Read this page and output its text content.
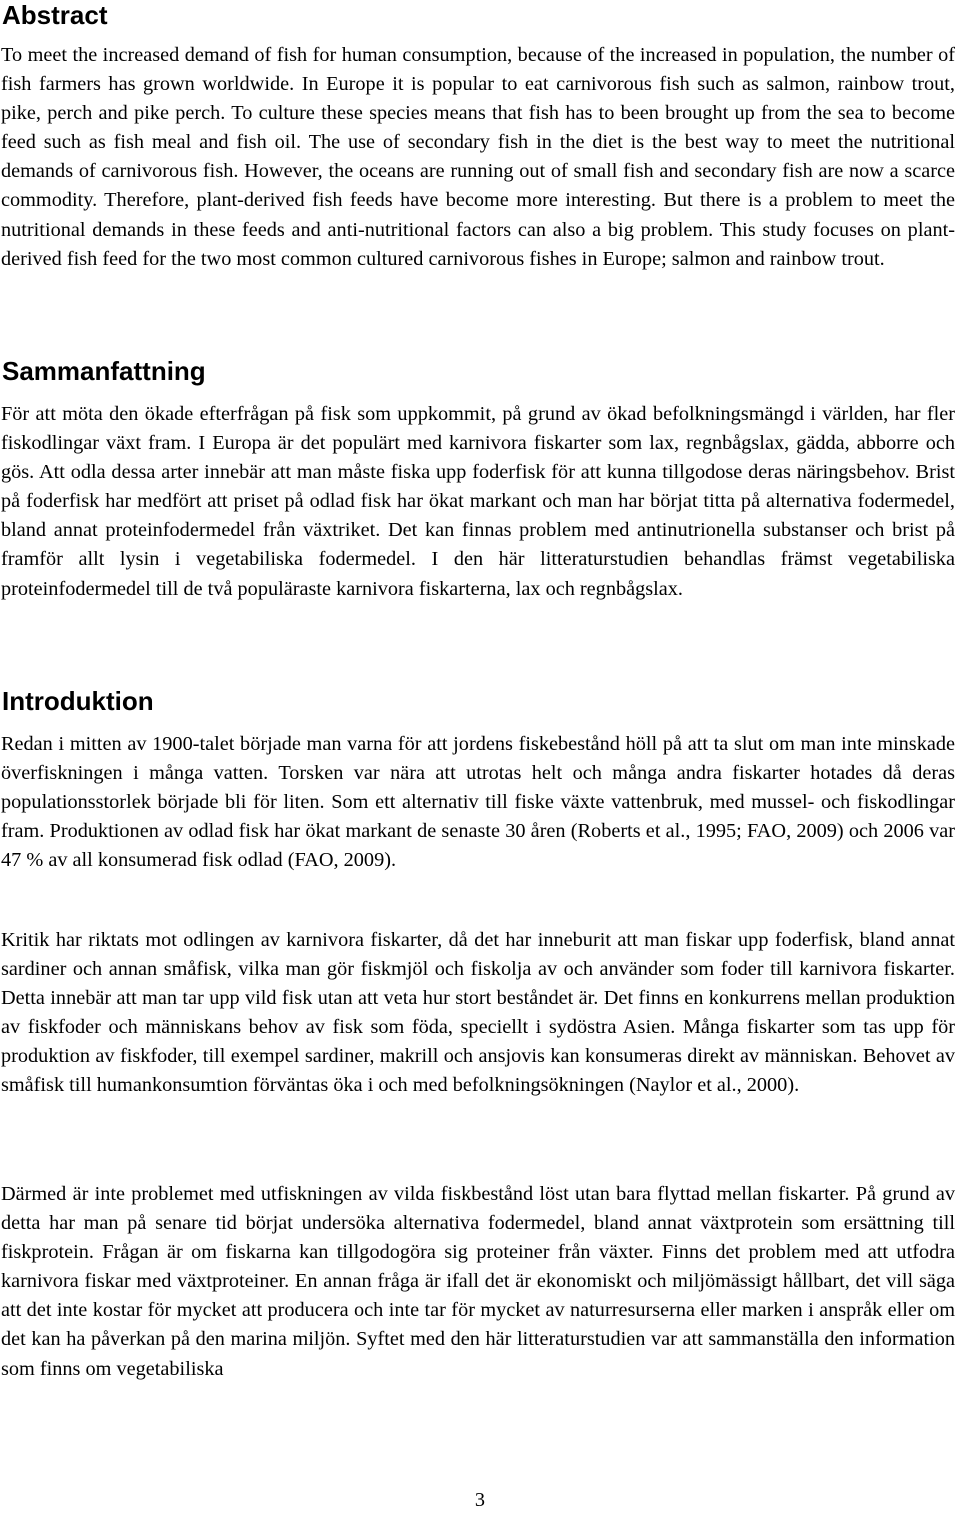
Abstract

To meet the increased demand of fish for human consumption, because of the increased in population, the number of fish farmers has grown worldwide. In Europe it is popular to eat carnivorous fish such as salmon, rainbow trout, pike, perch and pike perch. To culture these species means that fish has to been brought up from the sea to become feed such as fish meal and fish oil. The use of secondary fish in the diet is the best way to meet the nutritional demands of carnivorous fish. However, the oceans are running out of small fish and secondary fish are now a scarce commodity. Therefore, plant-derived fish feeds have become more interesting. But there is a problem to meet the nutritional demands in these feeds and anti-nutritional factors can also a big problem. This study focuses on plant-derived fish feed for the two most common cultured carnivorous fishes in Europe; salmon and rainbow trout.

Sammanfattning

För att möta den ökade efterfrågan på fisk som uppkommit, på grund av ökad befolkningsmängd i världen, har fler fiskodlingar växt fram. I Europa är det populärt med karnivora fiskarter som lax, regnbågslax, gädda, abborre och gös. Att odla dessa arter innebär att man måste fiska upp foderfisk för att kunna tillgodose deras näringsbehov. Brist på foderfisk har medfört att priset på odlad fisk har ökat markant och man har börjat titta på alternativa fodermedel, bland annat proteinfodermedel från växtriket. Det kan finnas problem med antinutrionella substanser och brist på framför allt lysin i vegetabiliska fodermedel. I den här litteraturstudien behandlas främst vegetabiliska proteinfodermedel till de två populäraste karnivora fiskarterna, lax och regnbågslax.

Introduktion

Redan i mitten av 1900-talet började man varna för att jordens fiskebestånd höll på att ta slut om man inte minskade överfiskningen i många vatten. Torsken var nära att utrotas helt och många andra fiskarter hotades då deras populationsstorlek började bli för liten. Som ett alternativ till fiske växte vattenbruk, med mussel- och fiskodlingar fram. Produktionen av odlad fisk har ökat markant de senaste 30 åren (Roberts et al., 1995; FAO, 2009) och 2006 var 47 % av all konsumerad fisk odlad (FAO, 2009).

Kritik har riktats mot odlingen av karnivora fiskarter, då det har inneburit att man fiskar upp foderfisk, bland annat sardiner och annan småfisk, vilka man gör fiskmjöl och fiskolja av och använder som foder till karnivora fiskarter. Detta innebär att man tar upp vild fisk utan att veta hur stort beståndet är. Det finns en konkurrens mellan produktion av fiskfoder och människans behov av fisk som föda, speciellt i sydöstra Asien. Många fiskarter som tas upp för produktion av fiskfoder, till exempel sardiner, makrill och ansjovis kan konsumeras direkt av människan. Behovet av småfisk till humankonsumtion förväntas öka i och med befolkningsökningen (Naylor et al., 2000).

Därmed är inte problemet med utfiskningen av vilda fiskbestånd löst utan bara flyttad mellan fiskarter. På grund av detta har man på senare tid börjat undersöka alternativa fodermedel, bland annat växtprotein som ersättning till fiskprotein. Frågan är om fiskarna kan tillgodogöra sig proteiner från växter. Finns det problem med att utfodra karnivora fiskar med växtproteiner. En annan fråga är ifall det är ekonomiskt och miljömässigt hållbart, det vill säga att det inte kostar för mycket att producera och inte tar för mycket av naturresurserna eller marken i anspråk eller om det kan ha påverkan på den marina miljön. Syftet med den här litteraturstudien var att sammanställa den information som finns om vegetabiliska

3
